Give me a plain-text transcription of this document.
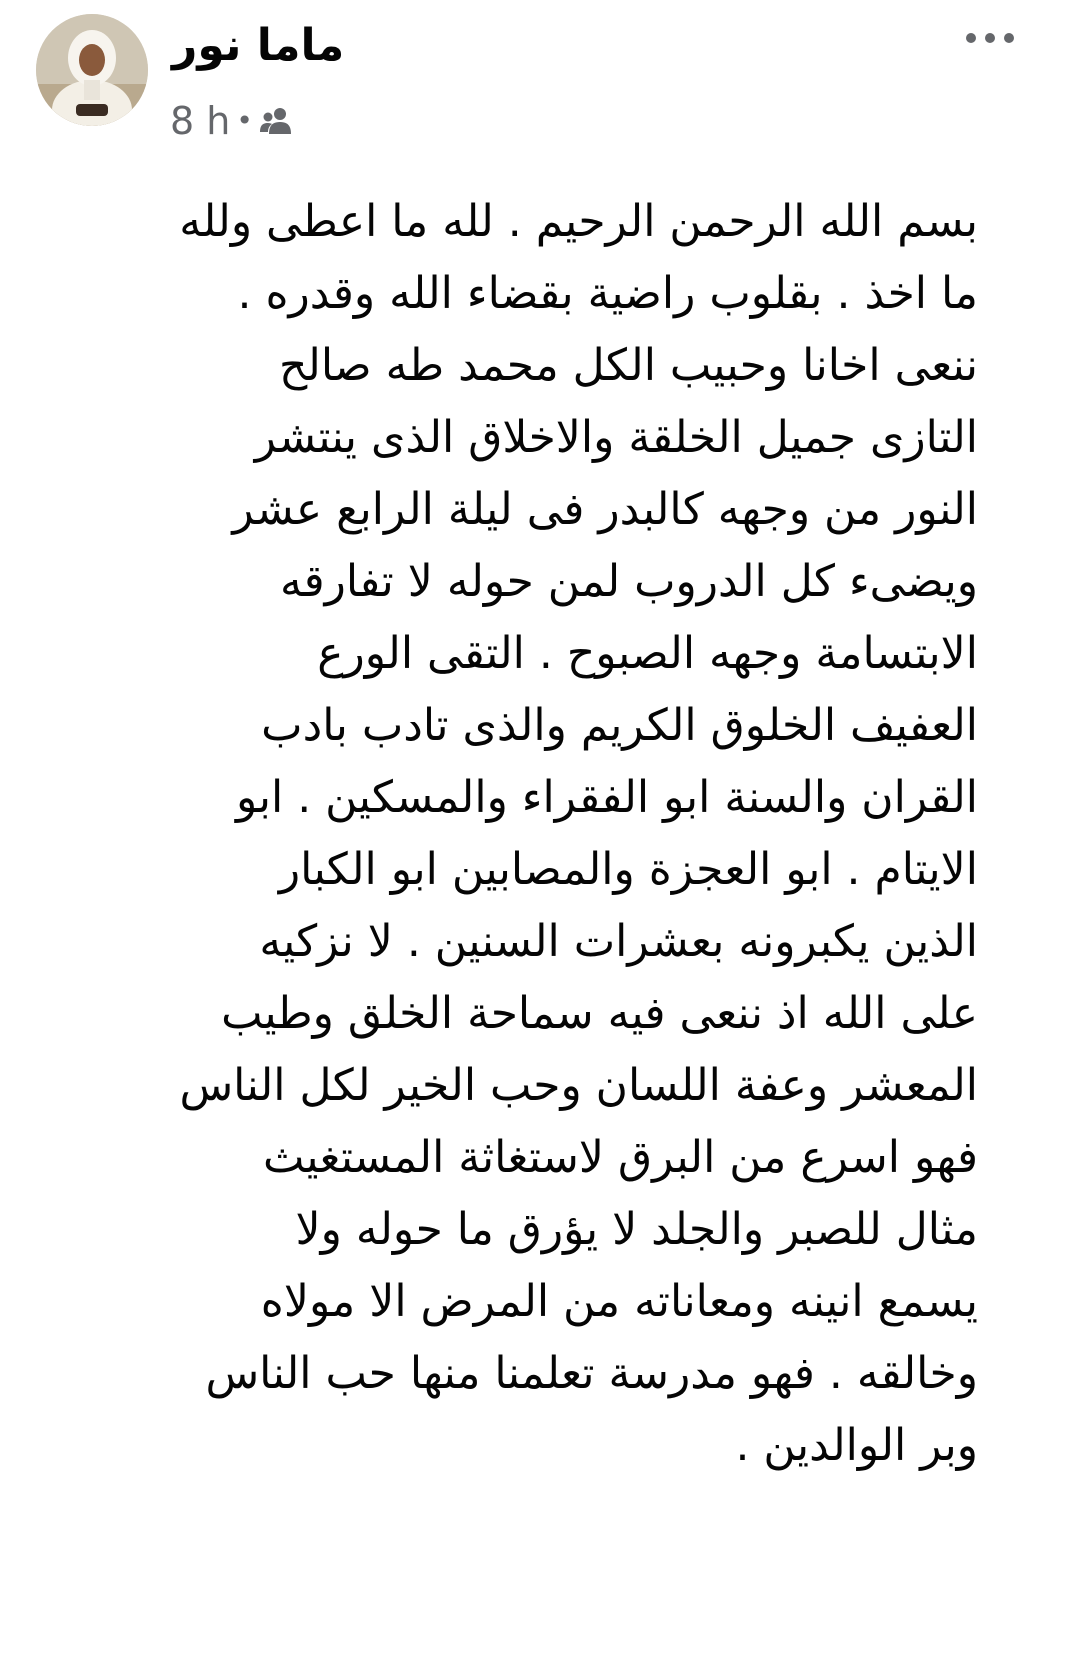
ماما نور
8 h •
بسم الله الرحمن الرحيم . لله ما اعطى ولله
ما اخذ . بقلوب راضية بقضاء الله وقدره .
ننعى اخانا وحبيب الكل محمد طه صالح
التازى جميل الخلقة والاخلاق الذى ينتشر
النور من وجهه كالبدر فى ليلة الرابع عشر
ويضىء كل الدروب لمن حوله لا تفارقه
الابتسامة وجهه الصبوح . التقى الورع
العفيف الخلوق الكريم والذى تادب بادب
القران والسنة ابو الفقراء والمسكين . ابو
الايتام . ابو العجزة والمصابين ابو الكبار
الذين يكبرونه بعشرات السنين . لا نزكيه
على الله اذ ننعى فيه سماحة الخلق وطيب
المعشر وعفة اللسان وحب الخير لكل الناس
فهو اسرع من البرق لاستغاثة المستغيث
مثال للصبر والجلد لا يؤرق ما حوله ولا
يسمع انينه ومعاناته من المرض الا مولاه
وخالقه . فهو مدرسة تعلمنا منها حب الناس
وبر الوالدين .
